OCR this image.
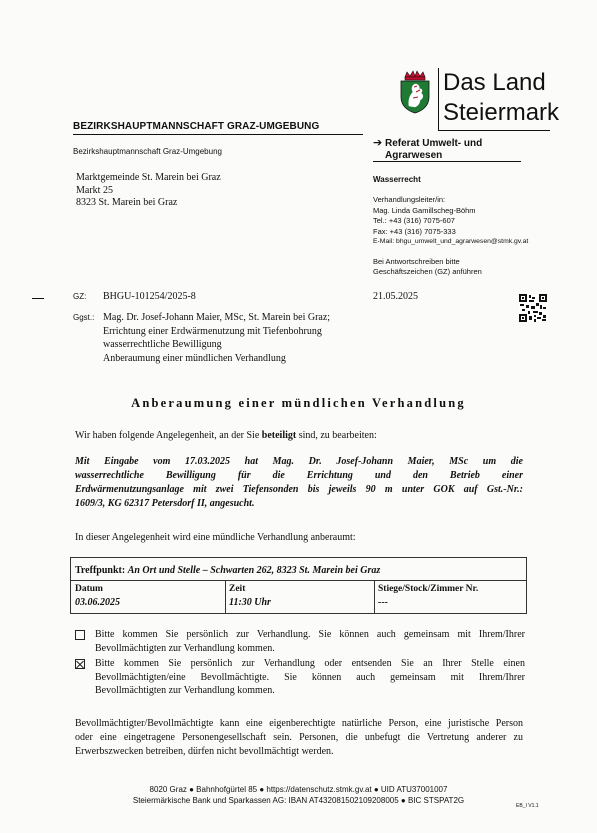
Das Land
Steiermark
BEZIRKSHAUPTMANNSCHAFT GRAZ-UMGEBUNG
Bezirkshauptmannschaft Graz-Umgebung
➔ Referat Umwelt- und
Agrarwesen
Marktgemeinde St. Marein bei Graz
Markt 25
8323 St. Marein bei Graz
Wasserrecht
Verhandlungsleiter/in:
Mag. Linda Gamillscheg-Böhm
Tel.: +43 (316) 7075-607
Fax: +43 (316) 7075-333
E-Mail: bhgu_umwelt_und_agrarwesen@stmk.gv.at
Bei Antwortschreiben bitte
Geschäftszeichen (GZ) anführen
GZ: BHGU-101254/2025-8	21.05.2025
Ggst.: Mag. Dr. Josef-Johann Maier, MSc, St. Marein bei Graz;
Errichtung einer Erdwärmenutzung mit Tiefenbohrung
wasserrechtliche Bewilligung
Anberaumung einer mündlichen Verhandlung
Anberaumung einer mündlichen Verhandlung
Wir haben folgende Angelegenheit, an der Sie beteiligt sind, zu bearbeiten:
Mit Eingabe vom 17.03.2025 hat Mag. Dr. Josef-Johann Maier, MSc um die
wasserrechtliche Bewilligung für die Errichtung und den Betrieb einer
Erdwärmenutzungsanlage mit zwei Tiefensonden bis jeweils 90 m unter GOK auf Gst.-Nr.:
1609/3, KG 62317 Petersdorf II, angesucht.
In dieser Angelegenheit wird eine mündliche Verhandlung anberaumt:
Treffpunkt: An Ort und Stelle – Schwarten 262, 8323 St. Marein bei Graz
Datum
03.06.2025
Zeit
11:30 Uhr
Stiege/Stock/Zimmer Nr.
---
Bitte kommen Sie persönlich zur Verhandlung. Sie können auch gemeinsam mit Ihrem/Ihrer
Bevollmächtigten zur Verhandlung kommen.
Bitte kommen Sie persönlich zur Verhandlung oder entsenden Sie an Ihrer Stelle einen
Bevollmächtigten/eine Bevollmächtigte. Sie können auch gemeinsam mit Ihrem/Ihrer
Bevollmächtigten zur Verhandlung kommen.
Bevollmächtigter/Bevollmächtigte kann eine eigenberechtigte natürliche Person, eine juristische Person
oder eine eingetragene Personengesellschaft sein. Personen, die unbefugt die Vertretung anderer zu
Erwerbszwecken betreiben, dürfen nicht bevollmächtigt werden.
8020 Graz ● Bahnhofgürtel 85 ● https://datenschutz.stmk.gv.at ● UID ATU37001007
Steiermärkische Bank und Sparkassen AG: IBAN AT432081502109208005 ● BIC STSPAT2G
EB_I V1.1
